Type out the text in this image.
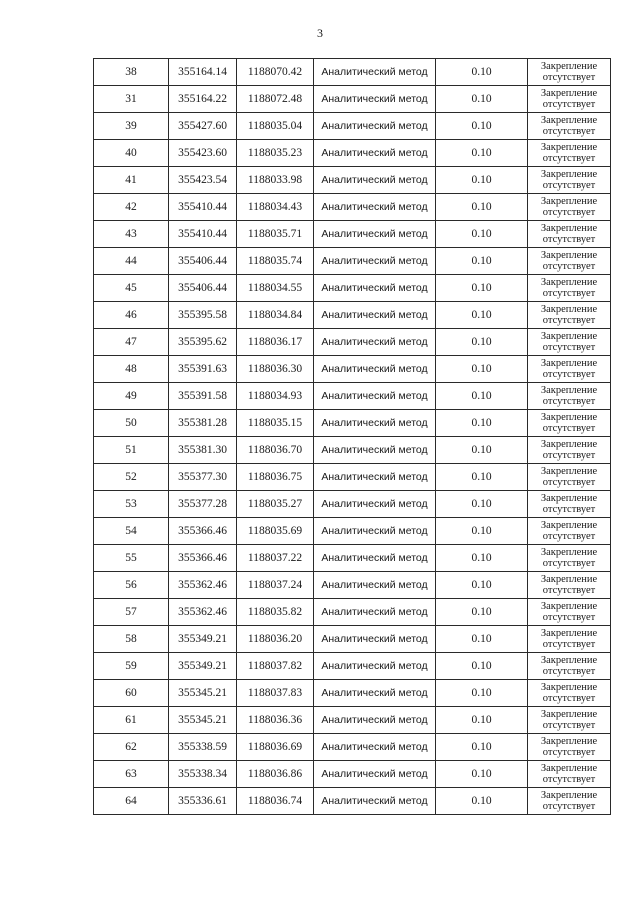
3
38	355164.14	1188070.42	Аналитический метод	0.10	Закрепление
отсутствует

31	355164.22	1188072.48	Аналитический метод	0.10	Закрепление
отсутствует

39	355427.60	1188035.04	Аналитический метод	0.10	Закрепление
отсутствует

40	355423.60	1188035.23	Аналитический метод	0.10	Закрепление
отсутствует

41	355423.54	1188033.98	Аналитический метод	0.10	Закрепление
отсутствует

42	355410.44	1188034.43	Аналитический метод	0.10	Закрепление
отсутствует

43	355410.44	1188035.71	Аналитический метод	0.10	Закрепление
отсутствует

44	355406.44	1188035.74	Аналитический метод	0.10	Закрепление
отсутствует

45	355406.44	1188034.55	Аналитический метод	0.10	Закрепление
отсутствует

46	355395.58	1188034.84	Аналитический метод	0.10	Закрепление
отсутствует

47	355395.62	1188036.17	Аналитический метод	0.10	Закрепление
отсутствует

48	355391.63	1188036.30	Аналитический метод	0.10	Закрепление
отсутствует

49	355391.58	1188034.93	Аналитический метод	0.10	Закрепление
отсутствует

50	355381.28	1188035.15	Аналитический метод	0.10	Закрепление
отсутствует

51	355381.30	1188036.70	Аналитический метод	0.10	Закрепление
отсутствует

52	355377.30	1188036.75	Аналитический метод	0.10	Закрепление
отсутствует

53	355377.28	1188035.27	Аналитический метод	0.10	Закрепление
отсутствует

54	355366.46	1188035.69	Аналитический метод	0.10	Закрепление
отсутствует

55	355366.46	1188037.22	Аналитический метод	0.10	Закрепление
отсутствует

56	355362.46	1188037.24	Аналитический метод	0.10	Закрепление
отсутствует

57	355362.46	1188035.82	Аналитический метод	0.10	Закрепление
отсутствует

58	355349.21	1188036.20	Аналитический метод	0.10	Закрепление
отсутствует

59	355349.21	1188037.82	Аналитический метод	0.10	Закрепление
отсутствует

60	355345.21	1188037.83	Аналитический метод	0.10	Закрепление
отсутствует

61	355345.21	1188036.36	Аналитический метод	0.10	Закрепление
отсутствует

62	355338.59	1188036.69	Аналитический метод	0.10	Закрепление
отсутствует

63	355338.34	1188036.86	Аналитический метод	0.10	Закрепление
отсутствует

64	355336.61	1188036.74	Аналитический метод	0.10	Закрепление
отсутствует
